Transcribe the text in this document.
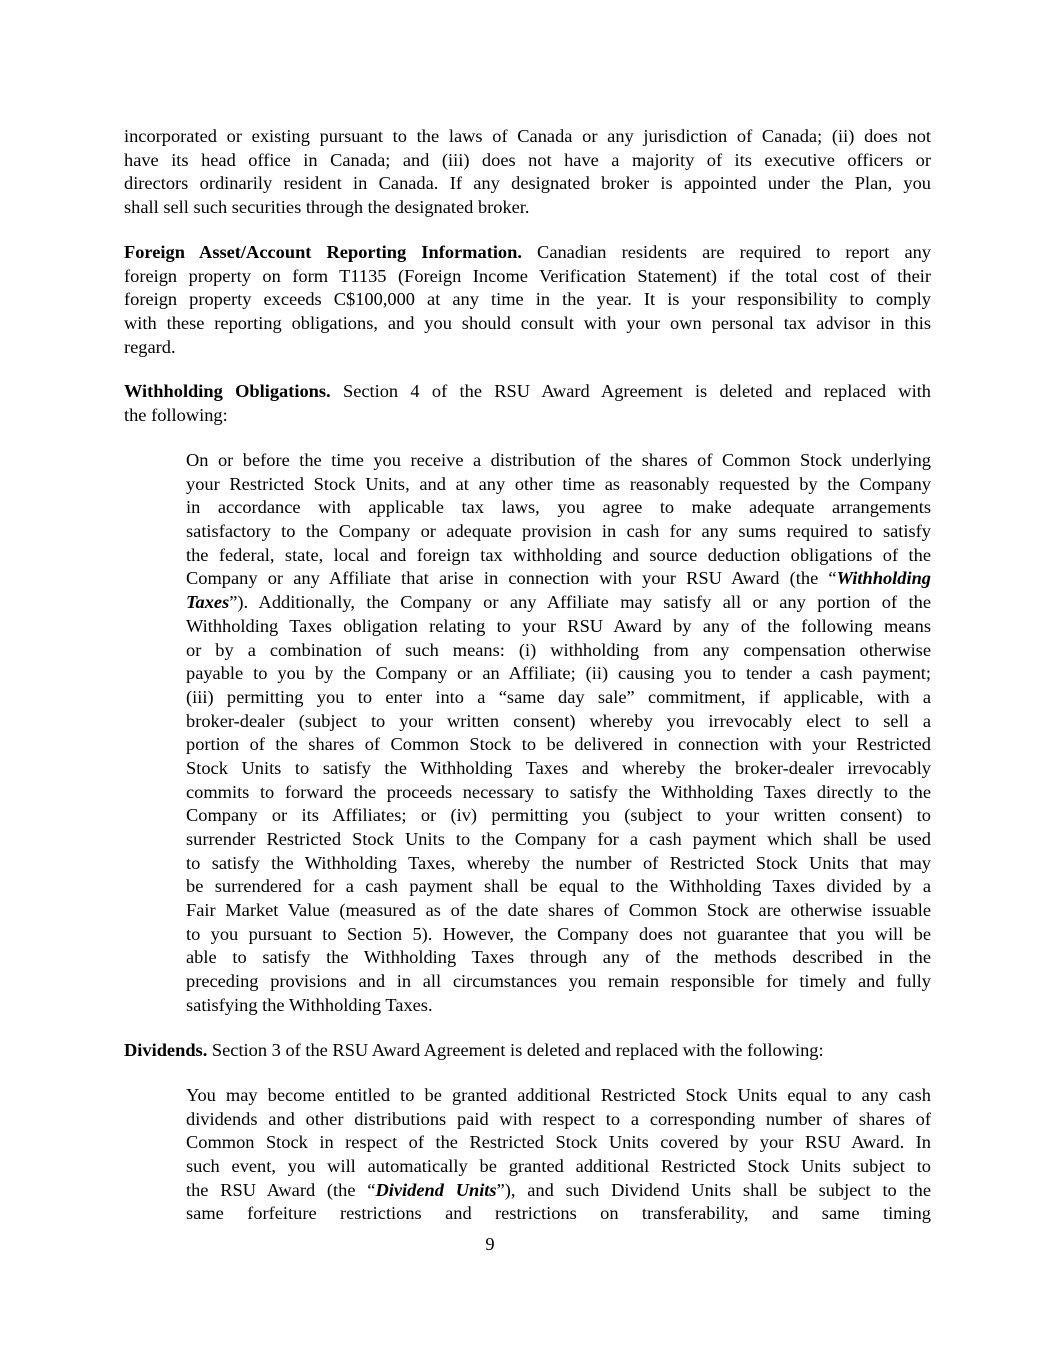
incorporated or existing pursuant to the laws of Canada or any jurisdiction of Canada; (ii) does not
have its head office in Canada; and (iii) does not have a majority of its executive officers or
directors ordinarily resident in Canada. If any designated broker is appointed under the Plan, you
shall sell such securities through the designated broker.
Foreign Asset/Account Reporting Information. Canadian residents are required to report any
foreign property on form T1135 (Foreign Income Verification Statement) if the total cost of their
foreign property exceeds C$100,000 at any time in the year. It is your responsibility to comply
with these reporting obligations, and you should consult with your own personal tax advisor in this
regard.
Withholding Obligations. Section 4 of the RSU Award Agreement is deleted and replaced with
the following:
On or before the time you receive a distribution of the shares of Common Stock underlying
your Restricted Stock Units, and at any other time as reasonably requested by the Company
in accordance with applicable tax laws, you agree to make adequate arrangements
satisfactory to the Company or adequate provision in cash for any sums required to satisfy
the federal, state, local and foreign tax withholding and source deduction obligations of the
Company or any Affiliate that arise in connection with your RSU Award (the “Withholding
Taxes”). Additionally, the Company or any Affiliate may satisfy all or any portion of the
Withholding Taxes obligation relating to your RSU Award by any of the following means
or by a combination of such means: (i) withholding from any compensation otherwise
payable to you by the Company or an Affiliate; (ii) causing you to tender a cash payment;
(iii) permitting you to enter into a “same day sale” commitment, if applicable, with a
broker-dealer (subject to your written consent) whereby you irrevocably elect to sell a
portion of the shares of Common Stock to be delivered in connection with your Restricted
Stock Units to satisfy the Withholding Taxes and whereby the broker-dealer irrevocably
commits to forward the proceeds necessary to satisfy the Withholding Taxes directly to the
Company or its Affiliates; or (iv) permitting you (subject to your written consent) to
surrender Restricted Stock Units to the Company for a cash payment which shall be used
to satisfy the Withholding Taxes, whereby the number of Restricted Stock Units that may
be surrendered for a cash payment shall be equal to the Withholding Taxes divided by a
Fair Market Value (measured as of the date shares of Common Stock are otherwise issuable
to you pursuant to Section 5). However, the Company does not guarantee that you will be
able to satisfy the Withholding Taxes through any of the methods described in the
preceding provisions and in all circumstances you remain responsible for timely and fully
satisfying the Withholding Taxes.
Dividends. Section 3 of the RSU Award Agreement is deleted and replaced with the following:
You may become entitled to be granted additional Restricted Stock Units equal to any cash
dividends and other distributions paid with respect to a corresponding number of shares of
Common Stock in respect of the Restricted Stock Units covered by your RSU Award. In
such event, you will automatically be granted additional Restricted Stock Units subject to
the RSU Award (the “Dividend Units”), and such Dividend Units shall be subject to the
same forfeiture restrictions and restrictions on transferability, and same timing
9
